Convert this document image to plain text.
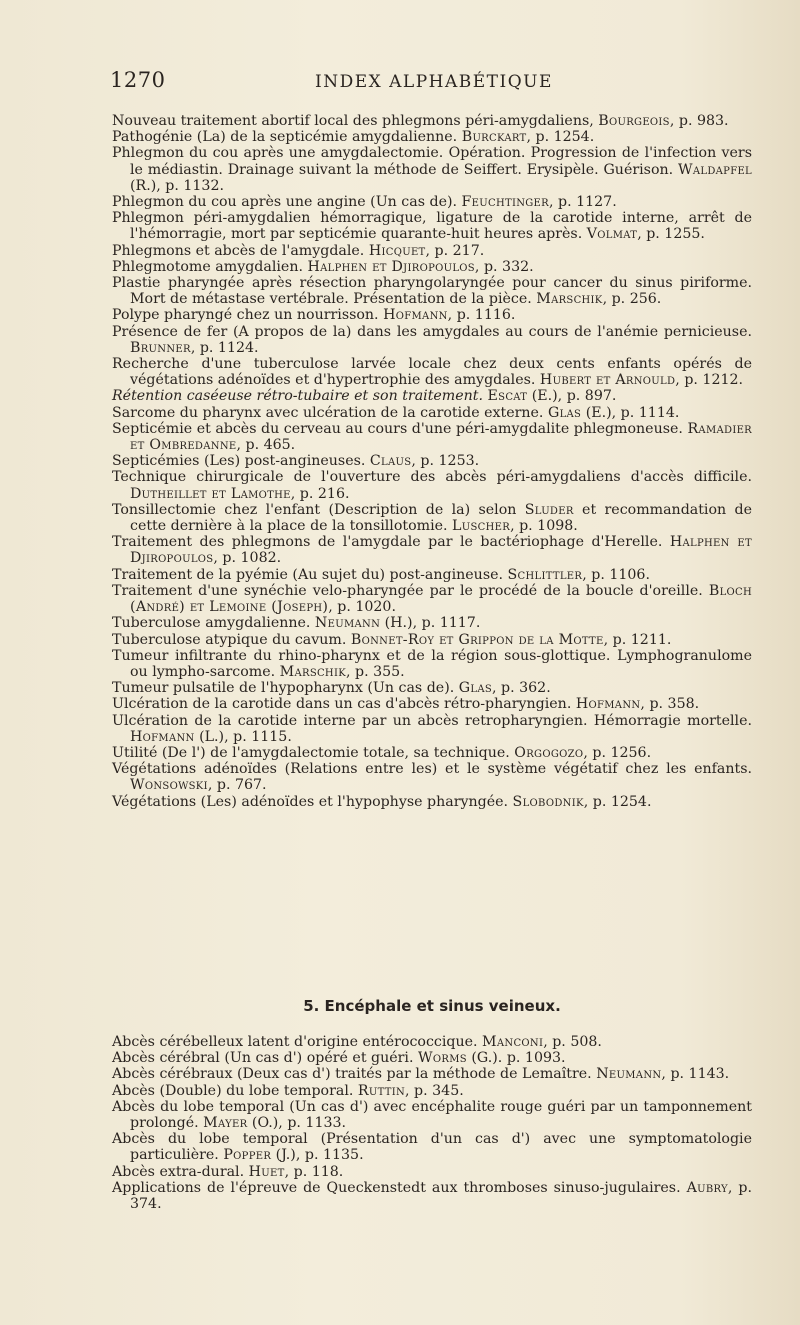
1270	INDEX ALPHABÉTIQUE

Nouveau traitement abortif local des phlegmons péri-amygdaliens, Bourgeois, p. 983.

Pathogénie (La) de la septicémie amygdalienne. Burckart, p. 1254.

Phlegmon du cou après une amygdalectomie. Opération. Progression de l'infection vers le médiastin. Drainage suivant la méthode de Seiffert. Erysipèle. Guérison. Waldapfel (R.), p. 1132.

Phlegmon du cou après une angine (Un cas de). Feuchtinger, p. 1127.

Phlegmon péri-amygdalien hémorragique, ligature de la carotide interne, arrêt de l'hémorragie, mort par septicémie quarante-huit heures après. Volmat, p. 1255.

Phlegmons et abcès de l'amygdale. Hicquet, p. 217.

Phlegmotome amygdalien. Halphen et Djiropoulos, p. 332.

Plastie pharyngée après résection pharyngolaryngée pour cancer du sinus piriforme. Mort de métastase vertébrale. Présentation de la pièce. Marschik, p. 256.

Polype pharyngé chez un nourrisson. Hofmann, p. 1116.

Présence de fer (A propos de la) dans les amygdales au cours de l'anémie pernicieuse. Brunner, p. 1124.

Recherche d'une tuberculose larvée locale chez deux cents enfants opérés de végétations adénoïdes et d'hypertrophie des amygdales. Hubert et Arnould, p. 1212.

Rétention caséeuse rétro-tubaire et son traitement. Escat (E.), p. 897.

Sarcome du pharynx avec ulcération de la carotide externe. Glas (E.), p. 1114.

Septicémie et abcès du cerveau au cours d'une péri-amygdalite phlegmoneuse. Ramadier et Ombredanne, p. 465.

Septicémies (Les) post-angineuses. Claus, p. 1253.

Technique chirurgicale de l'ouverture des abcès péri-amygdaliens d'accès difficile. Dutheillet et Lamothe, p. 216.

Tonsillectomie chez l'enfant (Description de la) selon Sluder et recommandation de cette dernière à la place de la tonsillotomie. Luscher, p. 1098.

Traitement des phlegmons de l'amygdale par le bactériophage d'Herelle. Halphen et Djiropoulos, p. 1082.

Traitement de la pyémie (Au sujet du) post-angineuse. Schlittler, p. 1106.

Traitement d'une synéchie velo-pharyngée par le procédé de la boucle d'oreille. Bloch (André) et Lemoine (Joseph), p. 1020.

Tuberculose amygdalienne. Neumann (H.), p. 1117.

Tuberculose atypique du cavum. Bonnet-Roy et Grippon de la Motte, p. 1211.

Tumeur infiltrante du rhino-pharynx et de la région sous-glottique. Lymphogranulome ou lympho-sarcome. Marschik, p. 355.

Tumeur pulsatile de l'hypopharynx (Un cas de). Glas, p. 362.

Ulcération de la carotide dans un cas d'abcès rétro-pharyngien. Hofmann, p. 358.

Ulcération de la carotide interne par un abcès retropharyngien. Hémorragie mortelle. Hofmann (L.), p. 1115.

Utilité (De l') de l'amygdalectomie totale, sa technique. Orgogozo, p. 1256.

Végétations adénoïdes (Relations entre les) et le système végétatif chez les enfants. Wonsowski, p. 767.

Végétations (Les) adénoïdes et l'hypophyse pharyngée. Slobodnik, p. 1254.

5. Encéphale et sinus veineux.

Abcès cérébelleux latent d'origine entérococcique. Manconi, p. 508.

Abcès cérébral (Un cas d') opéré et guéri. Worms (G.). p. 1093.

Abcès cérébraux (Deux cas d') traités par la méthode de Lemaître. Neumann, p. 1143.

Abcès (Double) du lobe temporal. Ruttin, p. 345.

Abcès du lobe temporal (Un cas d') avec encéphalite rouge guéri par un tamponnement prolongé. Mayer (O.), p. 1133.

Abcès du lobe temporal (Présentation d'un cas d') avec une symptomatologie particulière. Popper (J.), p. 1135.

Abcès extra-dural. Huet, p. 118.

Applications de l'épreuve de Queckenstedt aux thromboses sinuso-jugulaires. Aubry, p. 374.
